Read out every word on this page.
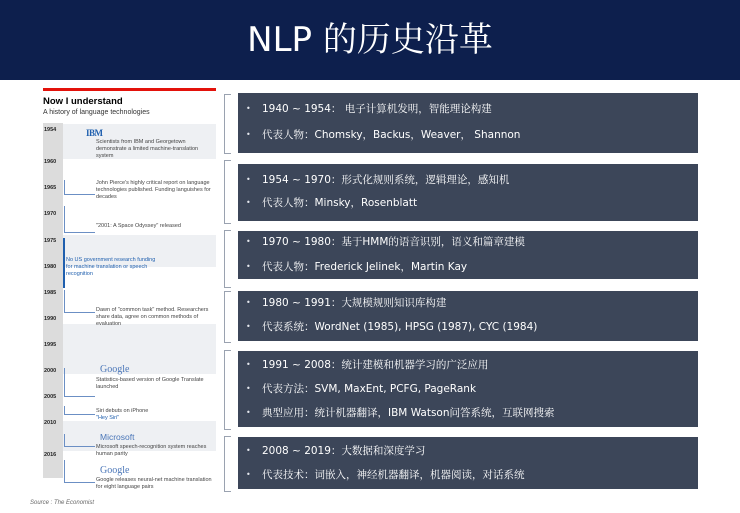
NLP 的历史沿革
Now I understand
A history of language technologies
1954
1960
1965
1970
1975
1980
1985
1990
1995
2000
2005
2010
2016
IBM
Scientists from IBM and Georgetown demonstrate a limited machine-translation system
John Pierce's highly critical report on language technologies published. Funding languishes for decades
"2001: A Space Odyssey" released
No US government research funding for machine translation or speech recognition
Dawn of "common task" method. Researchers share data, agree on common methods of evaluation
Google
Statistics-based version of Google Translate launched
Siri debuts on iPhone
"Hey Siri"
Microsoft
Microsoft speech-recognition system reaches human parity
Google
Google releases neural-net machine translation for eight language pairs
Source : The Economist
• 1940 ~ 1954： 电子计算机发明，智能理论构建
• 代表人物：Chomsky，Backus，Weaver， Shannon
• 1954 ~ 1970：形式化规则系统，逻辑理论，感知机
• 代表人物：Minsky，Rosenblatt
• 1970 ~ 1980：基于HMM的语音识别，语义和篇章建模
• 代表人物：Frederick Jelinek，Martin Kay
• 1980 ~ 1991：大规模规则知识库构建
• 代表系统：WordNet (1985), HPSG (1987), CYC (1984)
• 1991 ~ 2008：统计建模和机器学习的广泛应用
• 代表方法：SVM, MaxEnt, PCFG, PageRank
• 典型应用：统计机器翻译，IBM Watson问答系统，互联网搜索
• 2008 ~ 2019：大数据和深度学习
• 代表技术：词嵌入，神经机器翻译，机器阅读，对话系统
